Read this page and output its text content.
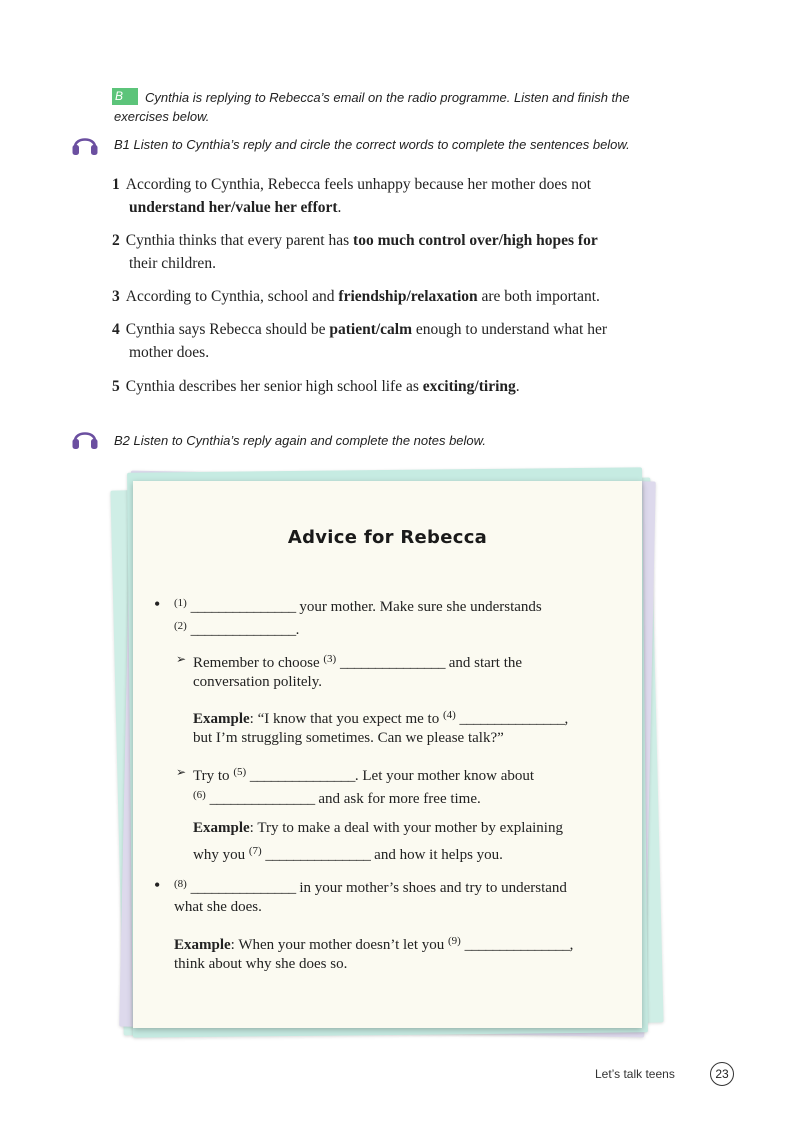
B	Cynthia is replying to Rebecca’s email on the radio programme. Listen and finish the exercises below.
B1 Listen to Cynthia’s reply and circle the correct words to complete the sentences below.
1 According to Cynthia, Rebecca feels unhappy because her mother does not
understand her/value her effort.
2 Cynthia thinks that every parent has too much control over/high hopes for
their children.
3 According to Cynthia, school and friendship/relaxation are both important.
4 Cynthia says Rebecca should be patient/calm enough to understand what her
mother does.
5 Cynthia describes her senior high school life as exciting/tiring.
B2 Listen to Cynthia’s reply again and complete the notes below.
Advice for Rebecca
• $^{(1)}$ _______________ your mother. Make sure she understands
$^{(2)}$ _______________.
➢ Remember to choose $^{(3)}$ _______________ and start the
conversation politely.
Example: “I know that you expect me to $^{(4)}$ _______________,
but I’m struggling sometimes. Can we please talk?”
➢ Try to $^{(5)}$ _______________. Let your mother know about
$^{(6)}$ _______________ and ask for more free time.
Example: Try to make a deal with your mother by explaining
why you $^{(7)}$ _______________ and how it helps you.
• $^{(8)}$ _______________ in your mother’s shoes and try to understand
what she does.
Example: When your mother doesn’t let you $^{(9)}$ _______________,
think about why she does so.
Let’s talk teens	23
